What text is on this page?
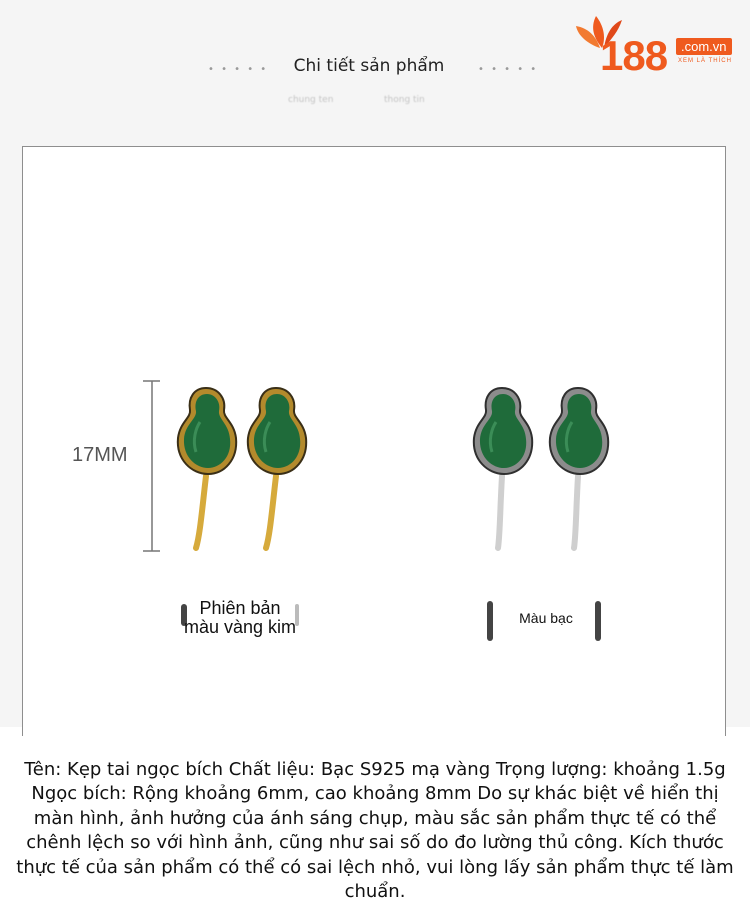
• • • • •	Chi tiết sản phẩm	• • • • •
chung ten	thong tin
188	.com.vn
XEM LÀ THÍCH
17MM
Phiên bản
màu vàng kim	Màu bạc
Tên: Kẹp tai ngọc bích Chất liệu: Bạc S925 mạ vàng Trọng lượng: khoảng 1.5g Ngọc bích: Rộng khoảng 6mm, cao khoảng 8mm Do sự khác biệt về hiển thị màn hình, ảnh hưởng của ánh sáng chụp, màu sắc sản phẩm thực tế có thể chênh lệch so với hình ảnh, cũng như sai số do đo lường thủ công. Kích thước thực tế của sản phẩm có thể có sai lệch nhỏ, vui lòng lấy sản phẩm thực tế làm chuẩn.
